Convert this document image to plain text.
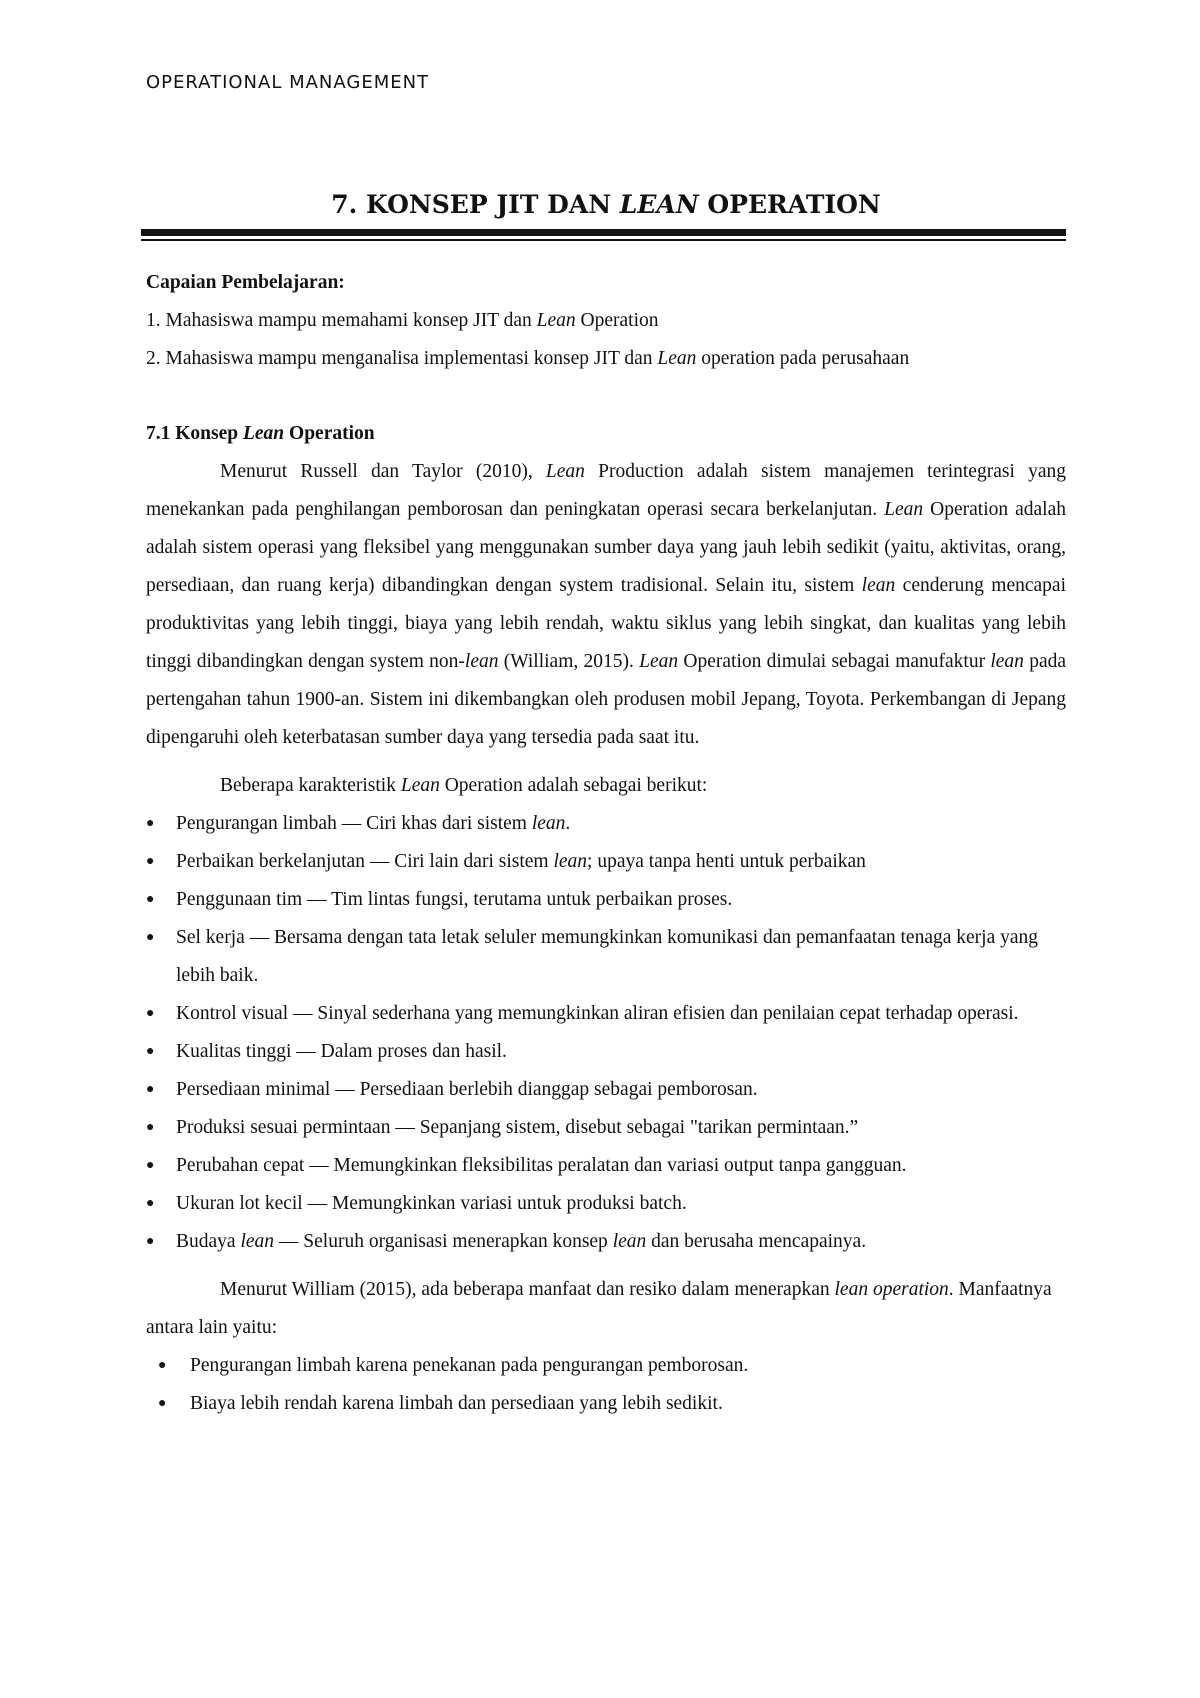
OPERATIONAL MANAGEMENT
7. KONSEP JIT DAN LEAN OPERATION

Capaian Pembelajaran:

1. Mahasiswa mampu memahami konsep JIT dan Lean Operation

2. Mahasiswa mampu menganalisa implementasi konsep JIT dan Lean operation pada perusahaan

7.1 Konsep Lean Operation

Menurut Russell dan Taylor (2010), Lean Production adalah sistem manajemen terintegrasi yang menekankan pada penghilangan pemborosan dan peningkatan operasi secara berkelanjutan. Lean Operation adalah adalah sistem operasi yang fleksibel yang menggunakan sumber daya yang jauh lebih sedikit (yaitu, aktivitas, orang, persediaan, dan ruang kerja) dibandingkan dengan system tradisional. Selain itu, sistem lean cenderung mencapai produktivitas yang lebih tinggi, biaya yang lebih rendah, waktu siklus yang lebih singkat, dan kualitas yang lebih tinggi dibandingkan dengan system non-lean (William, 2015). Lean Operation dimulai sebagai manufaktur lean pada pertengahan tahun 1900-an. Sistem ini dikembangkan oleh produsen mobil Jepang, Toyota. Perkembangan di Jepang dipengaruhi oleh keterbatasan sumber daya yang tersedia pada saat itu.

Beberapa karakteristik Lean Operation adalah sebagai berikut:

● Pengurangan limbah — Ciri khas dari sistem lean.
● Perbaikan berkelanjutan — Ciri lain dari sistem lean; upaya tanpa henti untuk perbaikan
● Penggunaan tim — Tim lintas fungsi, terutama untuk perbaikan proses.
● Sel kerja — Bersama dengan tata letak seluler memungkinkan komunikasi dan pemanfaatan tenaga kerja yang lebih baik.
● Kontrol visual — Sinyal sederhana yang memungkinkan aliran efisien dan penilaian cepat terhadap operasi.
● Kualitas tinggi — Dalam proses dan hasil.
● Persediaan minimal — Persediaan berlebih dianggap sebagai pemborosan.
● Produksi sesuai permintaan — Sepanjang sistem, disebut sebagai "tarikan permintaan.”
● Perubahan cepat — Memungkinkan fleksibilitas peralatan dan variasi output tanpa gangguan.
● Ukuran lot kecil — Memungkinkan variasi untuk produksi batch.
● Budaya lean — Seluruh organisasi menerapkan konsep lean dan berusaha mencapainya.

Menurut William (2015), ada beberapa manfaat dan resiko dalam menerapkan lean operation. Manfaatnya antara lain yaitu:

● Pengurangan limbah karena penekanan pada pengurangan pemborosan.
● Biaya lebih rendah karena limbah dan persediaan yang lebih sedikit.
